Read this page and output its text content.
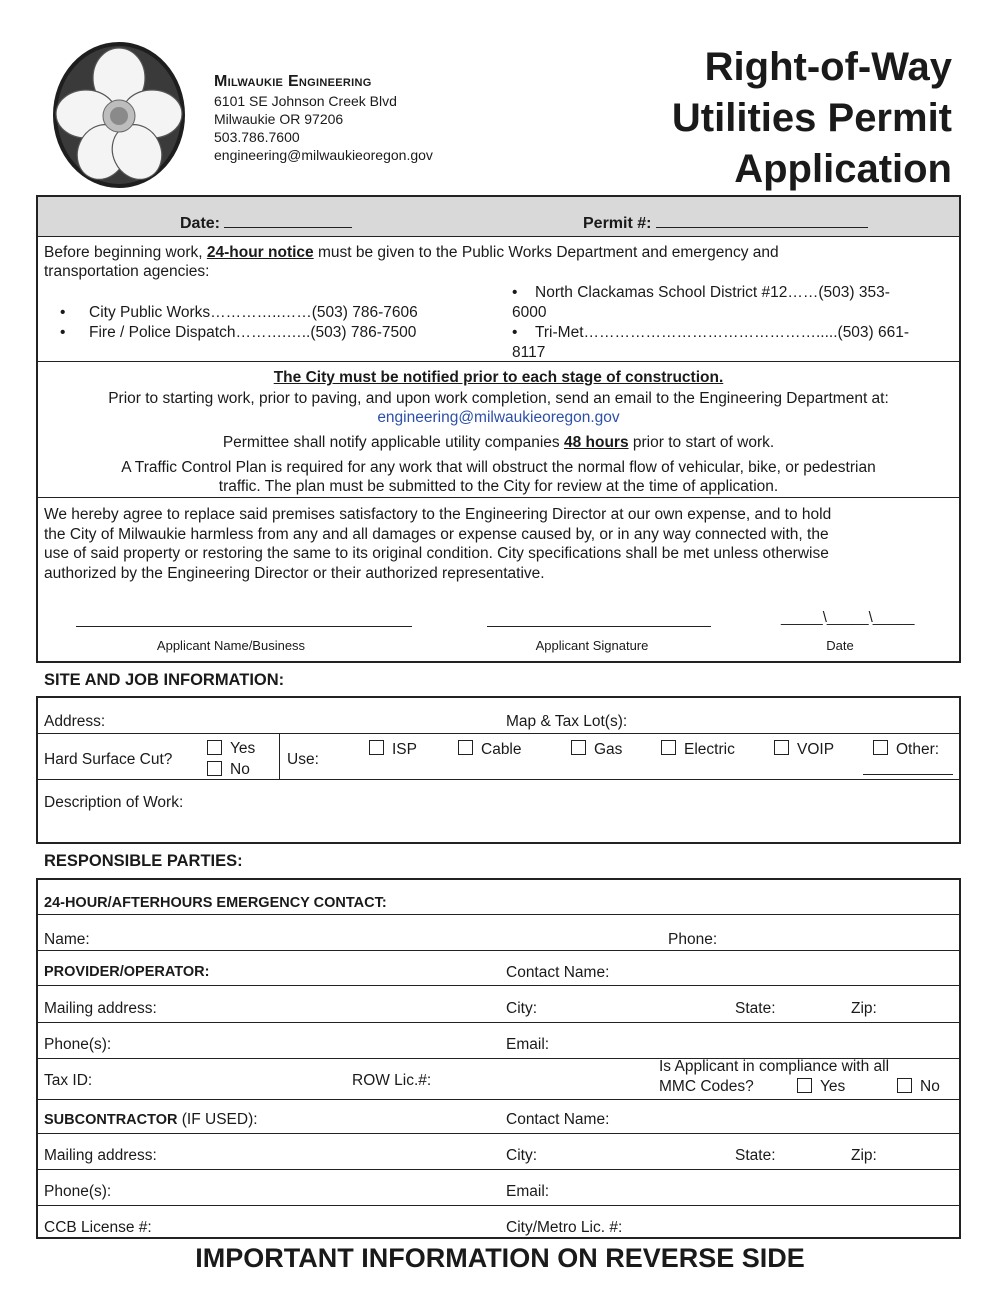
Milwaukie Engineering
6101 SE Johnson Creek Blvd
Milwaukie OR 97206
503.786.7600
engineering@milwaukieoregon.gov
Right-of-Way
Utilities Permit
Application
Date:	Permit #:
Before beginning work, 24-hour notice must be given to the Public Works Department and emergency and
transportation agencies:
• City Public Works…………..……(503) 786-7606
• Fire / Police Dispatch……….…..(503) 786-7500
• North Clackamas School District #12……(503) 353-
6000
• Tri-Met……………………………………….....(503) 661-
8117
The City must be notified prior to each stage of construction.
Prior to starting work, prior to paving, and upon work completion, send an email to the Engineering Department at:
engineering@milwaukieoregon.gov
Permittee shall notify applicable utility companies 48 hours prior to start of work.
A Traffic Control Plan is required for any work that will obstruct the normal flow of vehicular, bike, or pedestrian
traffic. The plan must be submitted to the City for review at the time of application.
We hereby agree to replace said premises satisfactory to the Engineering Director at our own expense, and to hold
the City of Milwaukie harmless from any and all damages or expense caused by, or in any way connected with, the
use of said property or restoring the same to its original condition. City specifications shall be met unless otherwise
authorized by the Engineering Director or their authorized representative.
_____\_____\_____
Applicant Name/Business	Applicant Signature	Date
SITE AND JOB INFORMATION:
Address:	Map & Tax Lot(s):
Hard Surface Cut?
Yes
No
Use:
ISP	Cable	Gas	Electric	VOIP	Other:
Description of Work:
RESPONSIBLE PARTIES:
24-HOUR/AFTERHOURS EMERGENCY CONTACT:
Name:	Phone:
PROVIDER/OPERATOR:	Contact Name:
Mailing address:	City:	State:	Zip:
Phone(s):	Email:
Tax ID:	ROW Lic.#:
Is Applicant in compliance with all
MMC Codes?	Yes	No
SUBCONTRACTOR (IF USED):	Contact Name:
Mailing address:	City:	State:	Zip:
Phone(s):	Email:
CCB License #:	City/Metro Lic. #:
IMPORTANT INFORMATION ON REVERSE SIDE
